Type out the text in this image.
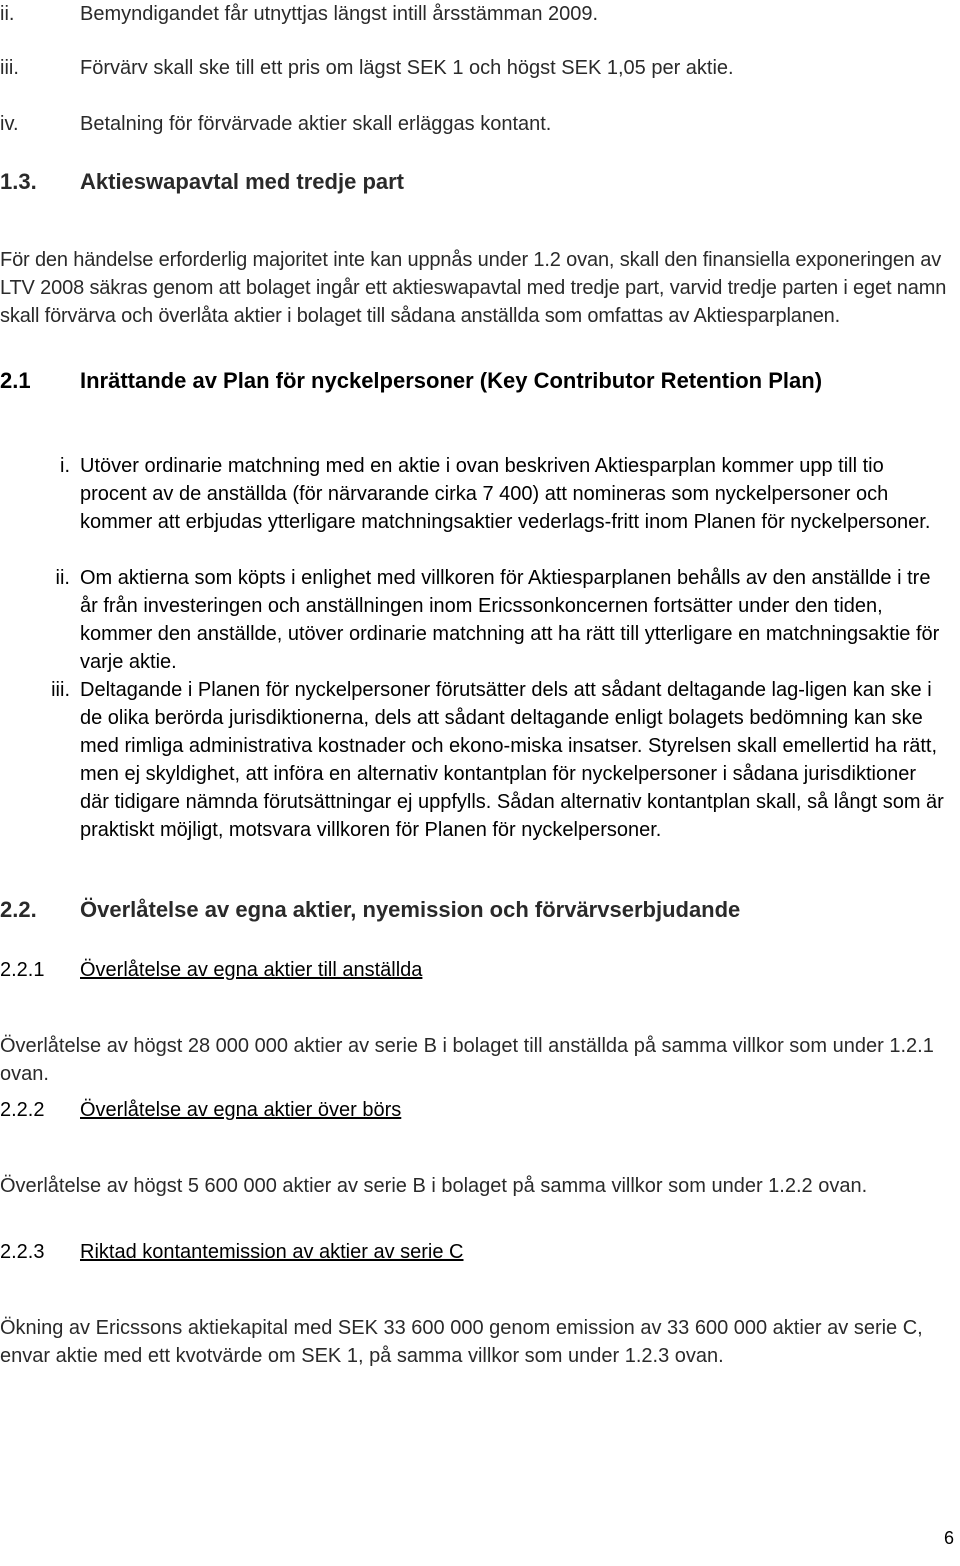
ii.	Bemyndigandet får utnyttjas längst intill årsstämman 2009.
iii.	Förvärv skall ske till ett pris om lägst SEK 1 och högst SEK 1,05 per aktie.
iv.	Betalning för förvärvade aktier skall erläggas kontant.
1.3. Aktieswapavtal med tredje part

För den händelse erforderlig majoritet inte kan uppnås under 1.2 ovan, skall den finansiella exponeringen av LTV 2008 säkras genom att bolaget ingår ett aktieswapavtal med tredje part, varvid tredje parten i eget namn skall förvärva och överlåta aktier i bolaget till sådana anställda som omfattas av Aktiesparplanen.

2.1 Inrättande av Plan för nyckelpersoner (Key Contributor Retention Plan)
i. Utöver ordinarie matchning med en aktie i ovan beskriven Aktiesparplan kommer upp till tio procent av de anställda (för närvarande cirka 7 400) att nomineras som nyckelpersoner och kommer att erbjudas ytterligare matchningsaktier vederlags-fritt inom Planen för nyckelpersoner.
ii. Om aktierna som köpts i enlighet med villkoren för Aktiesparplanen behålls av den anställde i tre år från investeringen och anställningen inom Ericssonkoncernen fortsätter under den tiden, kommer den anställde, utöver ordinarie matchning att ha rätt till ytterligare en matchningsaktie för varje aktie.
iii. Deltagande i Planen för nyckelpersoner förutsätter dels att sådant deltagande lag-ligen kan ske i de olika berörda jurisdiktionerna, dels att sådant deltagande enligt bolagets bedömning kan ske med rimliga administrativa kostnader och ekono-miska insatser. Styrelsen skall emellertid ha rätt, men ej skyldighet, att införa en alternativ kontantplan för nyckelpersoner i sådana jurisdiktioner där tidigare nämnda förutsättningar ej uppfylls. Sådan alternativ kontantplan skall, så långt som är praktiskt möjligt, motsvara villkoren för Planen för nyckelpersoner.
2.2. Överlåtelse av egna aktier, nyemission och förvärvserbjudande
2.2.1 Överlåtelse av egna aktier till anställda

Överlåtelse av högst 28 000 000 aktier av serie B i bolaget till anställda på samma villkor som under 1.2.1 ovan.

2.2.2 Överlåtelse av egna aktier över börs

Överlåtelse av högst 5 600 000 aktier av serie B i bolaget på samma villkor som under 1.2.2 ovan.

2.2.3 Riktad kontantemission av aktier av serie C

Ökning av Ericssons aktiekapital med SEK 33 600 000 genom emission av 33 600 000 aktier av serie C, envar aktie med ett kvotvärde om SEK 1, på samma villkor som under 1.2.3 ovan.

6
